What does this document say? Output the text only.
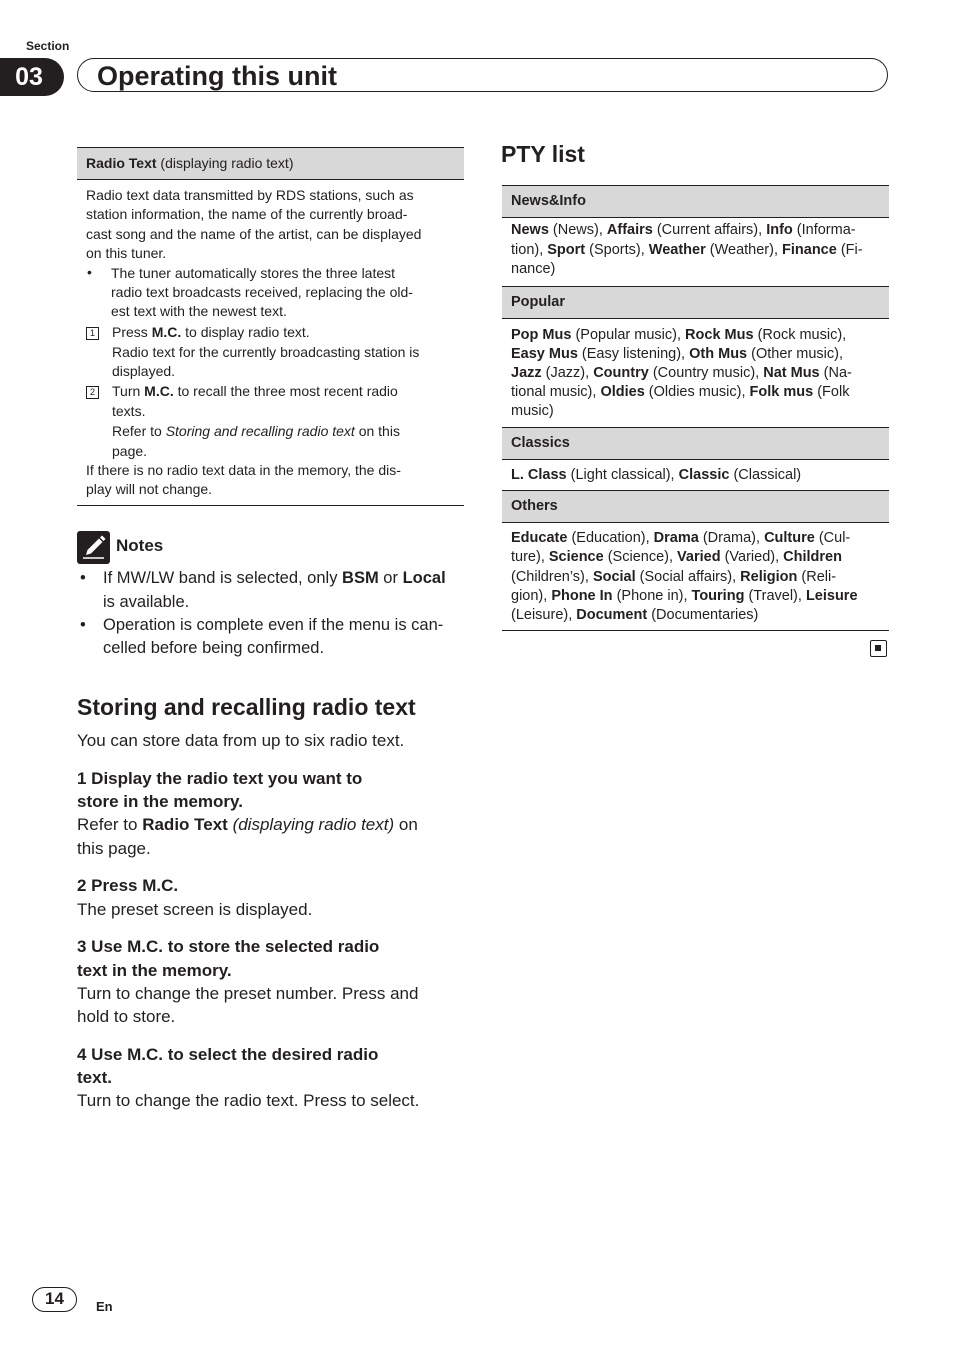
Section
03	Operating this unit
Radio Text (displaying radio text)
Radio text data transmitted by RDS stations, such as
station information, the name of the currently broad-
cast song and the name of the artist, can be displayed
on this tuner.
• The tuner automatically stores the three latest
radio text broadcasts received, replacing the old-
est text with the newest text.
1 Press M.C. to display radio text.
Radio text for the currently broadcasting station is
displayed.
2 Turn M.C. to recall the three most recent radio
texts.
Refer to Storing and recalling radio text on this
page.
If there is no radio text data in the memory, the dis-
play will not change.
Notes
• If MW/LW band is selected, only BSM or Local
is available.
• Operation is complete even if the menu is can-
celled before being confirmed.
Storing and recalling radio text
You can store data from up to six radio text.
1 Display the radio text you want to
store in the memory.
Refer to Radio Text (displaying radio text) on
this page.
2 Press M.C.
The preset screen is displayed.
3 Use M.C. to store the selected radio
text in the memory.
Turn to change the preset number. Press and
hold to store.
4 Use M.C. to select the desired radio
text.
Turn to change the radio text. Press to select.
PTY list
News&Info
News (News), Affairs (Current affairs), Info (Informa-
tion), Sport (Sports), Weather (Weather), Finance (Fi-
nance)
Popular
Pop Mus (Popular music), Rock Mus (Rock music),
Easy Mus (Easy listening), Oth Mus (Other music),
Jazz (Jazz), Country (Country music), Nat Mus (Na-
tional music), Oldies (Oldies music), Folk mus (Folk
music)
Classics
L. Class (Light classical), Classic (Classical)
Others
Educate (Education), Drama (Drama), Culture (Cul-
ture), Science (Science), Varied (Varied), Children
(Children’s), Social (Social affairs), Religion (Reli-
gion), Phone In (Phone in), Touring (Travel), Leisure
(Leisure), Document (Documentaries)
14	En
